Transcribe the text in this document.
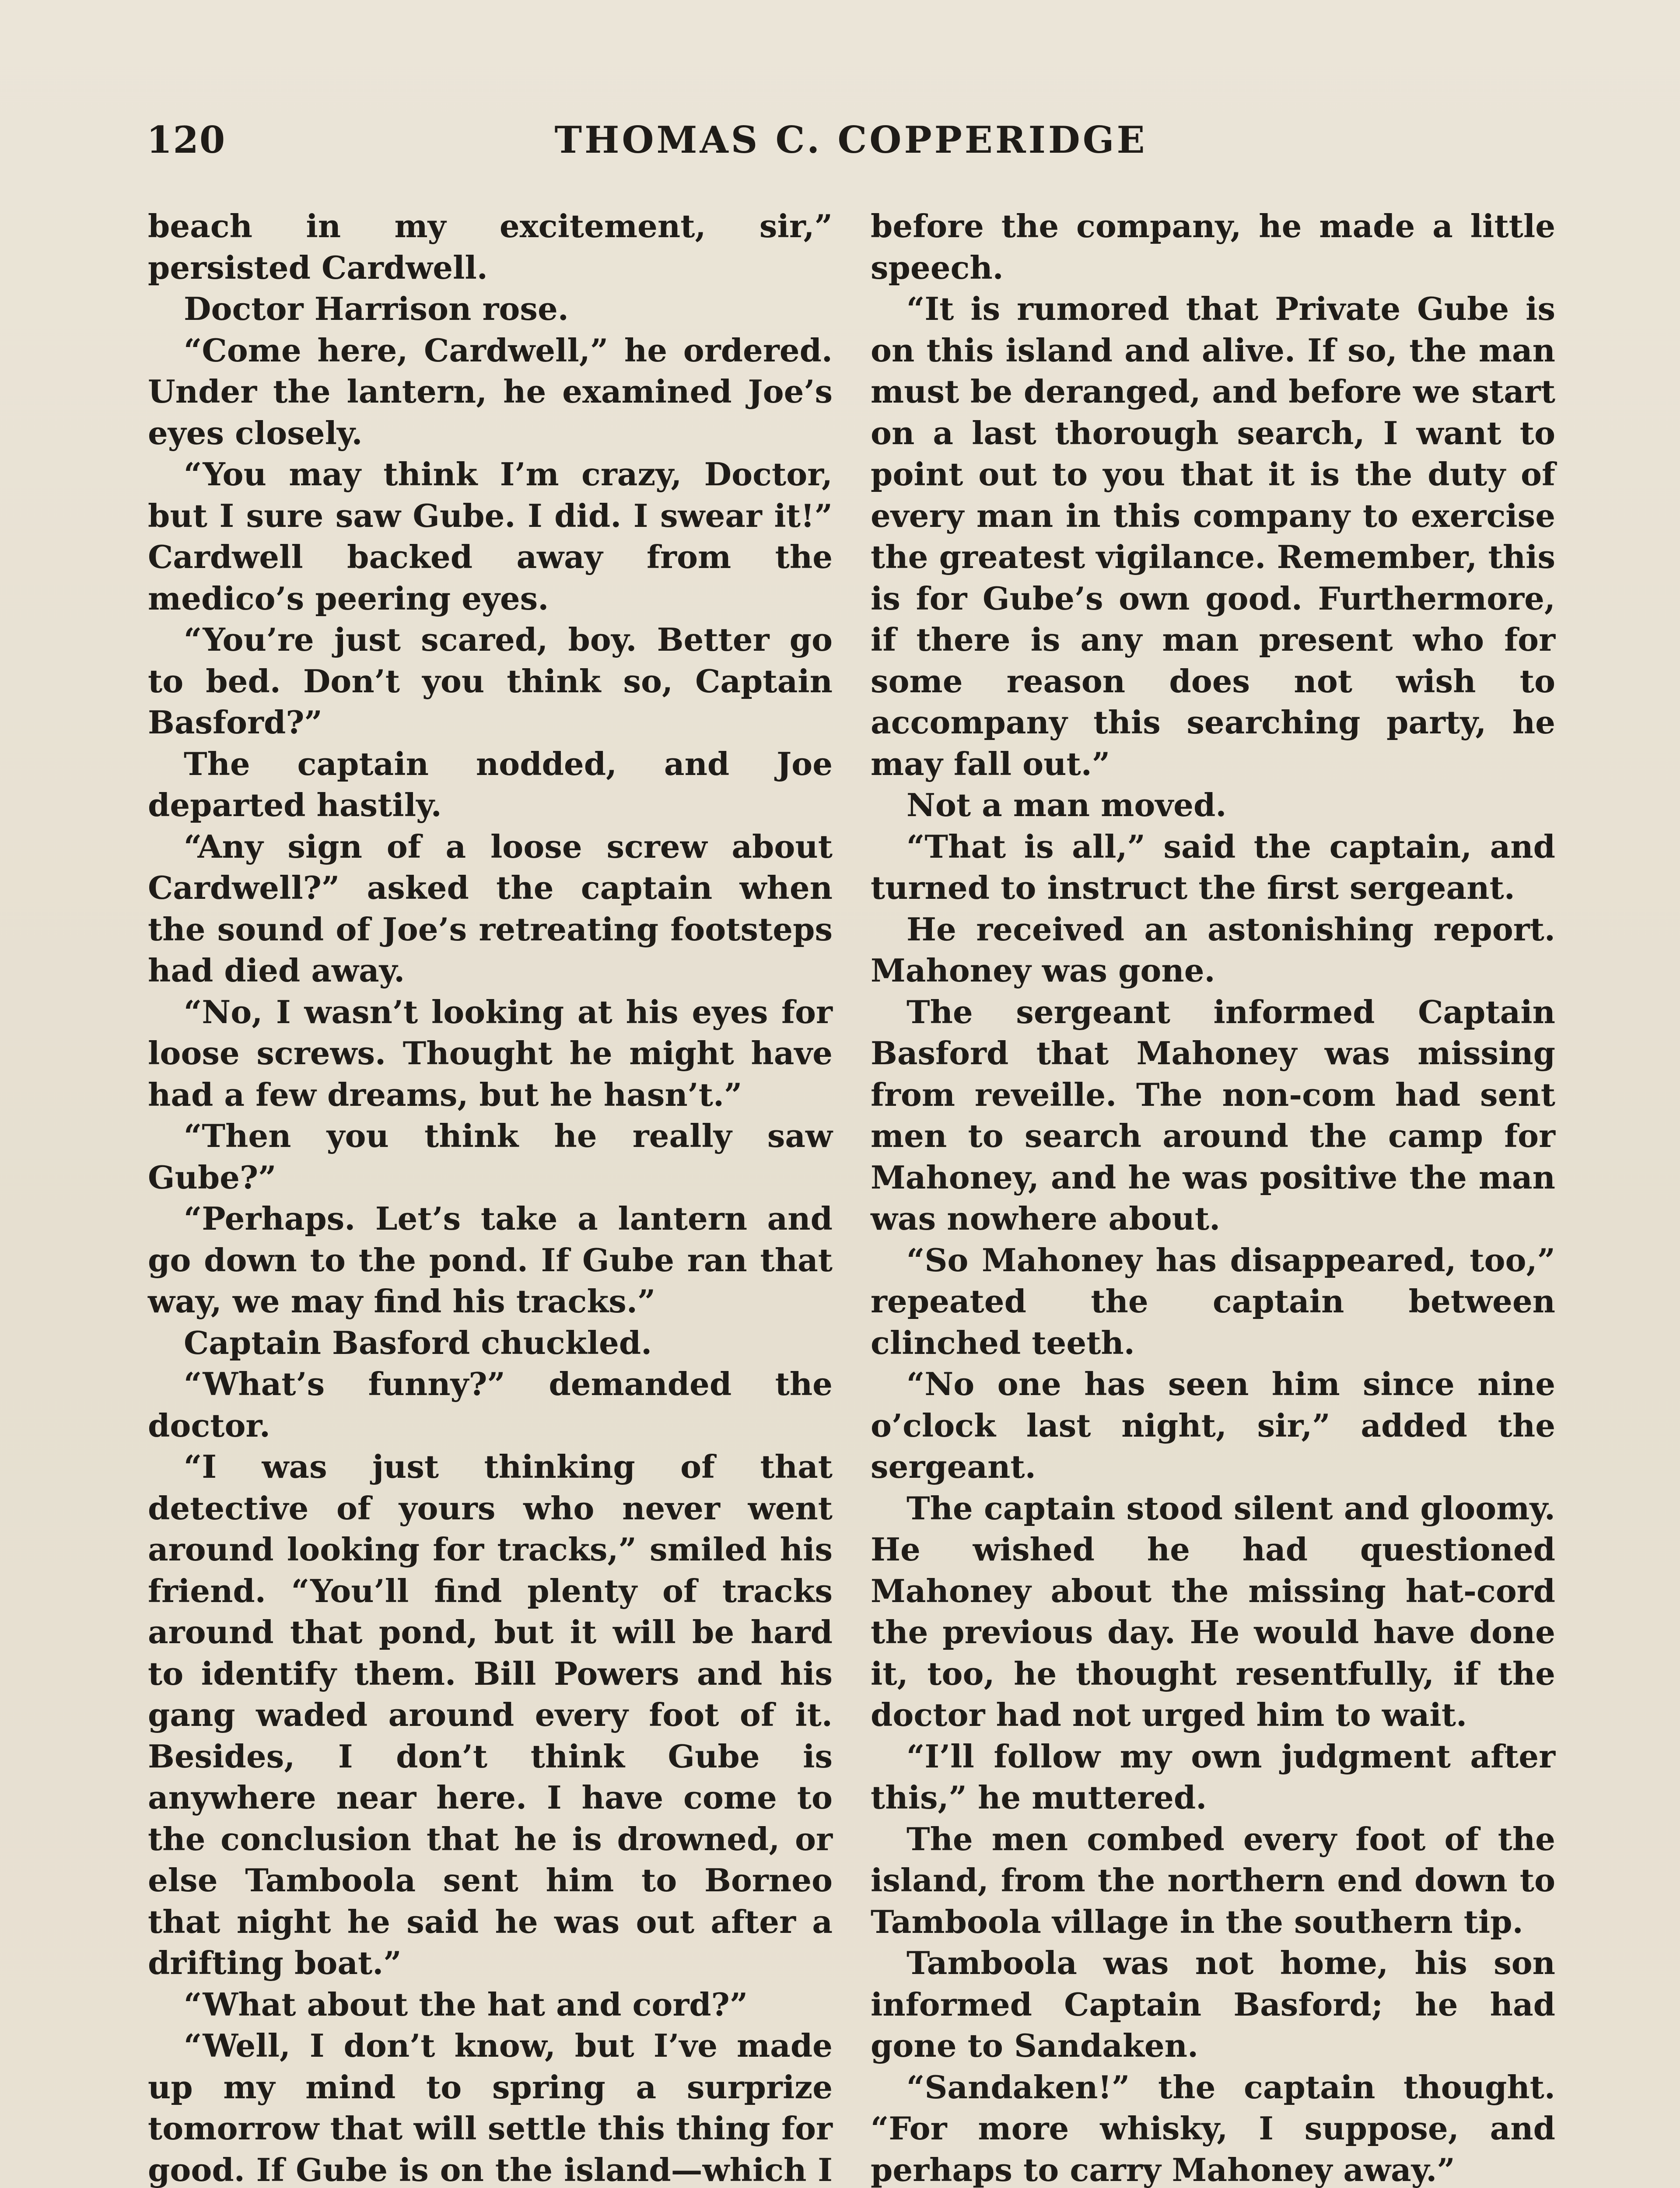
120	THOMAS C. COPPERIDGE

beach in my excitement, sir,” persisted Cardwell.

Doctor Harrison rose.

“Come here, Cardwell,” he ordered. Under the lantern, he examined Joe’s eyes closely.

“You may think I’m crazy, Doctor, but I sure saw Gube. I did. I swear it!” Cardwell backed away from the medico’s peering eyes.

“You’re just scared, boy. Better go to bed. Don’t you think so, Captain Basford?”

The captain nodded, and Joe departed hastily.

“Any sign of a loose screw about Cardwell?” asked the captain when the sound of Joe’s retreating footsteps had died away.

“No, I wasn’t looking at his eyes for loose screws. Thought he might have had a few dreams, but he hasn’t.”

“Then you think he really saw Gube?”

“Perhaps. Let’s take a lantern and go down to the pond. If Gube ran that way, we may find his tracks.”

Captain Basford chuckled.

“What’s funny?” demanded the doctor.

“I was just thinking of that detective of yours who never went around looking for tracks,” smiled his friend. “You’ll find plenty of tracks around that pond, but it will be hard to identify them. Bill Powers and his gang waded around every foot of it. Besides, I don’t think Gube is anywhere near here. I have come to the conclusion that he is drowned, or else Tamboola sent him to Borneo that night he said he was out after a drifting boat.”

“What about the hat and cord?”

“Well, I don’t know, but I’ve made up my mind to spring a surprize tomorrow that will settle this thing for good. If Gube is on the island—which I

before the company, he made a little speech.

“It is rumored that Private Gube is on this island and alive. If so, the man must be deranged, and before we start on a last thorough search, I want to point out to you that it is the duty of every man in this company to exercise the greatest vigilance. Remember, this is for Gube’s own good. Furthermore, if there is any man present who for some reason does not wish to accompany this searching party, he may fall out.”

Not a man moved.

“That is all,” said the captain, and turned to instruct the first sergeant.

He received an astonishing report. Mahoney was gone.

The sergeant informed Captain Basford that Mahoney was missing from reveille. The non-com had sent men to search around the camp for Mahoney, and he was positive the man was nowhere about.

“So Mahoney has disappeared, too,” repeated the captain between clinched teeth.

“No one has seen him since nine o’clock last night, sir,” added the sergeant.

The captain stood silent and gloomy. He wished he had questioned Mahoney about the missing hat-cord the previous day. He would have done it, too, he thought resentfully, if the doctor had not urged him to wait.

“I’ll follow my own judgment after this,” he muttered.

The men combed every foot of the island, from the northern end down to Tamboola village in the southern tip.

Tamboola was not home, his son informed Captain Basford; he had gone to Sandaken.

“Sandaken!” the captain thought. “For more whisky, I suppose, and perhaps to carry Mahoney away.”
